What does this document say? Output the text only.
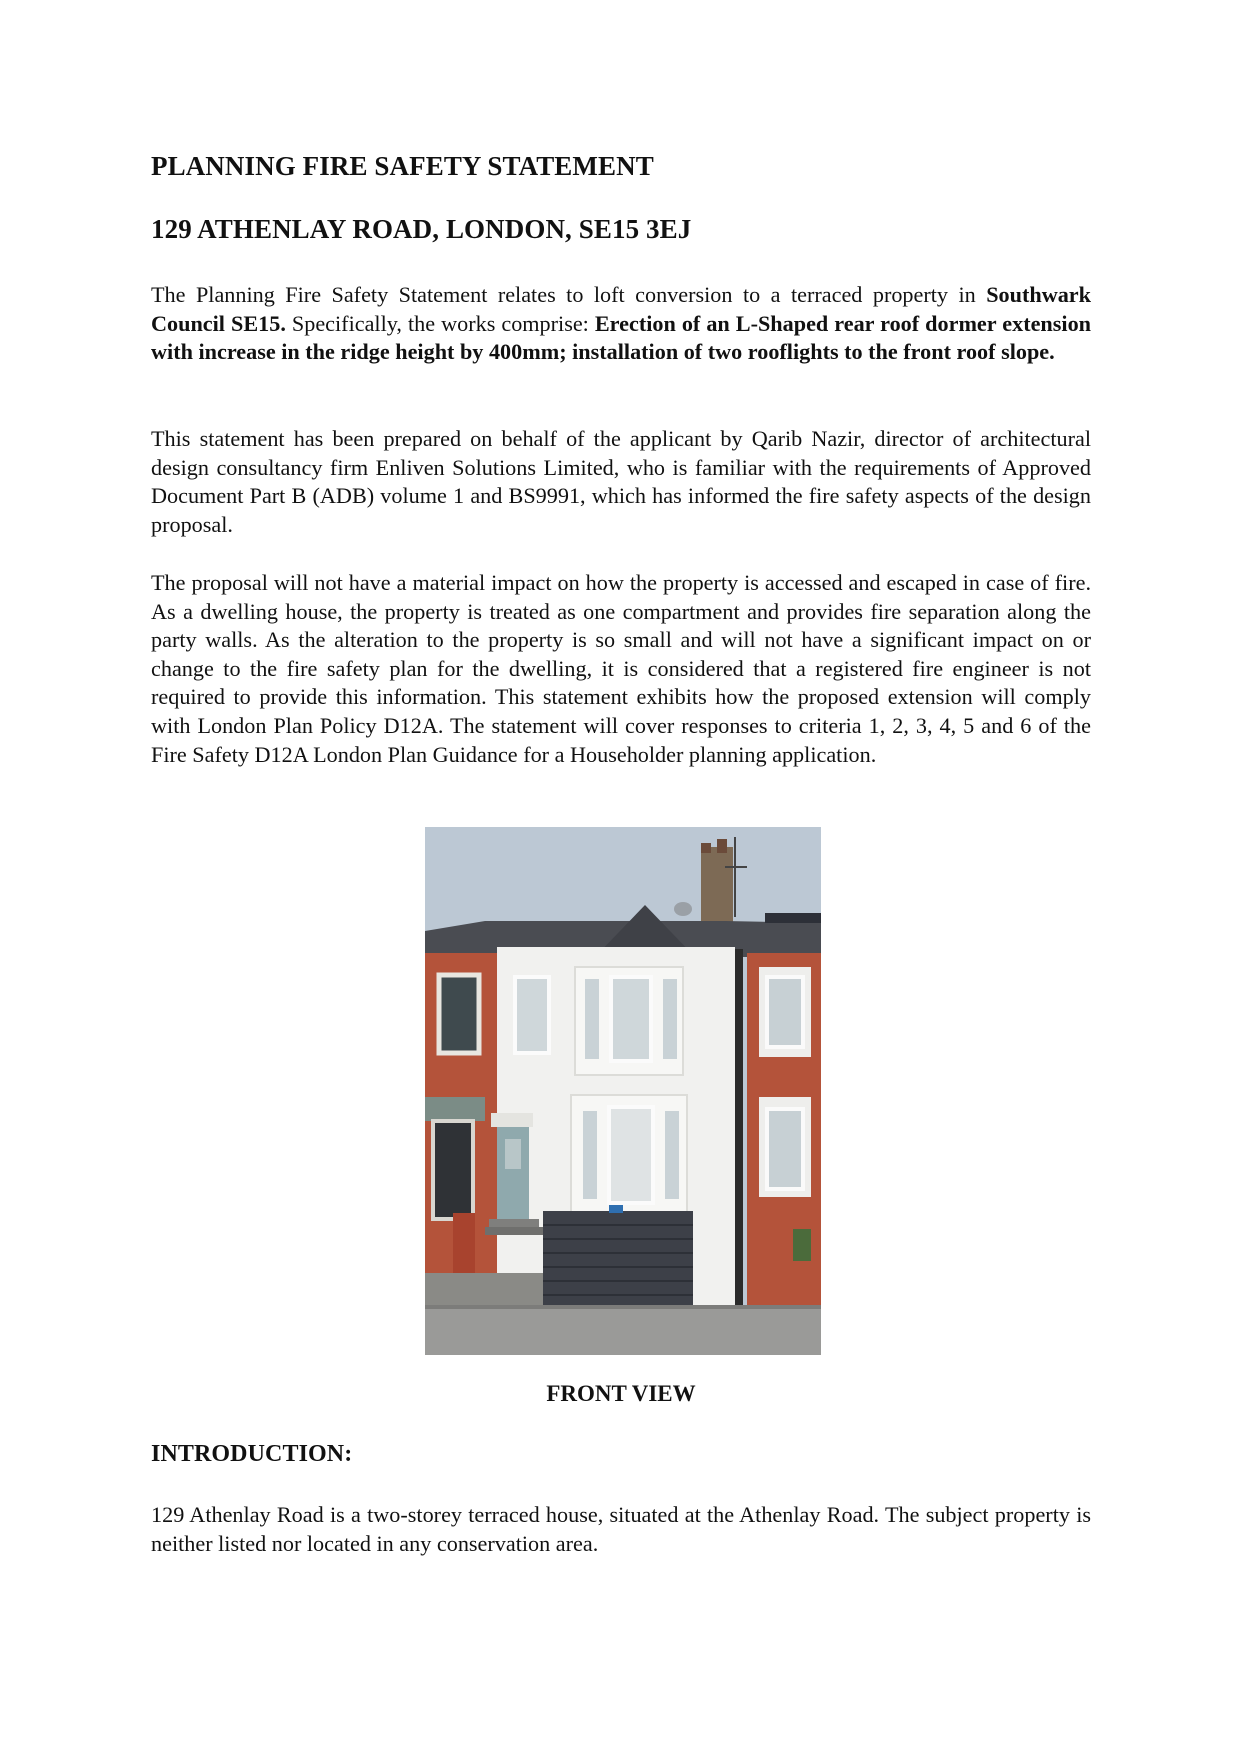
PLANNING FIRE SAFETY STATEMENT
129 ATHENLAY ROAD, LONDON, SE15 3EJ

The Planning Fire Safety Statement relates to loft conversion to a terraced property in Southwark Council SE15. Specifically, the works comprise: Erection of an L-Shaped rear roof dormer extension with increase in the ridge height by 400mm; installation of two rooflights to the front roof slope.

This statement has been prepared on behalf of the applicant by Qarib Nazir, director of architectural design consultancy firm Enliven Solutions Limited, who is familiar with the requirements of Approved Document Part B (ADB) volume 1 and BS9991, which has informed the fire safety aspects of the design proposal.

The proposal will not have a material impact on how the property is accessed and escaped in case of fire. As a dwelling house, the property is treated as one compartment and provides fire separation along the party walls. As the alteration to the property is so small and will not have a significant impact on or change to the fire safety plan for the dwelling, it is considered that a registered fire engineer is not required to provide this information. This statement exhibits how the proposed extension will comply with London Plan Policy D12A. The statement will cover responses to criteria 1, 2, 3, 4, 5 and 6 of the Fire Safety D12A London Plan Guidance for a Householder planning application.

FRONT VIEW
INTRODUCTION:

129 Athenlay Road is a two-storey terraced house, situated at the Athenlay Road. The subject property is neither listed nor located in any conservation area.
